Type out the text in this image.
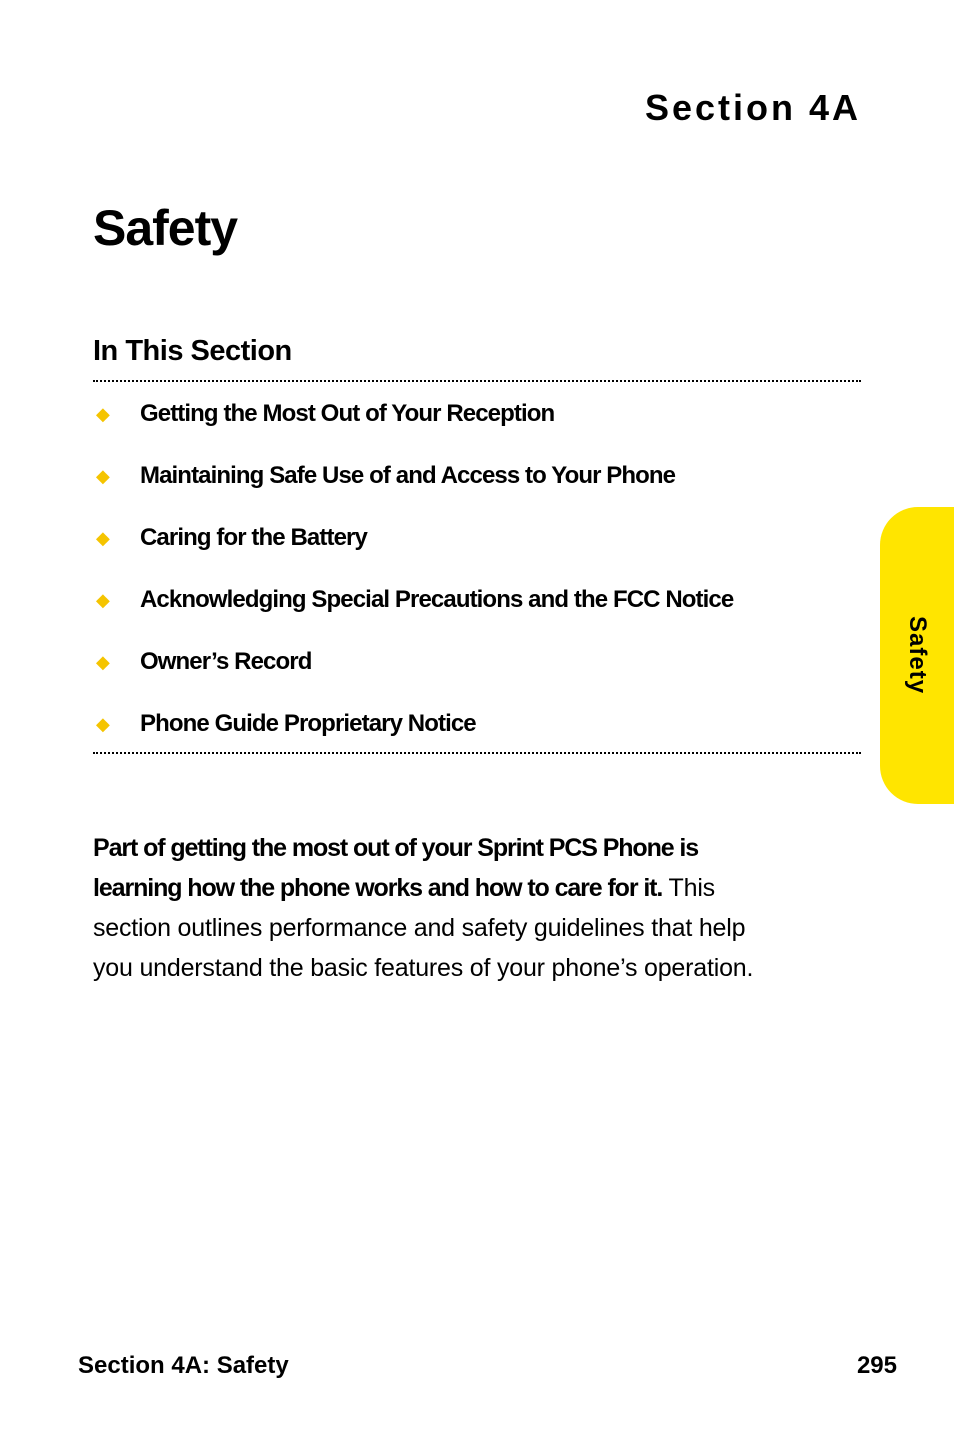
Section 4A
Safety
In This Section
◆	Getting the Most Out of Your Reception
◆	Maintaining Safe Use of and Access to Your Phone
◆	Caring for the Battery
◆	Acknowledging Special Precautions and the FCC Notice
◆	Owner’s Record
◆	Phone Guide Proprietary Notice

Part of getting the most out of your Sprint PCS Phone is learning how the phone works and how to care for it. This section outlines performance and safety guidelines that help you understand the basic features of your phone’s operation.

Safety
Section 4A: Safety	295
